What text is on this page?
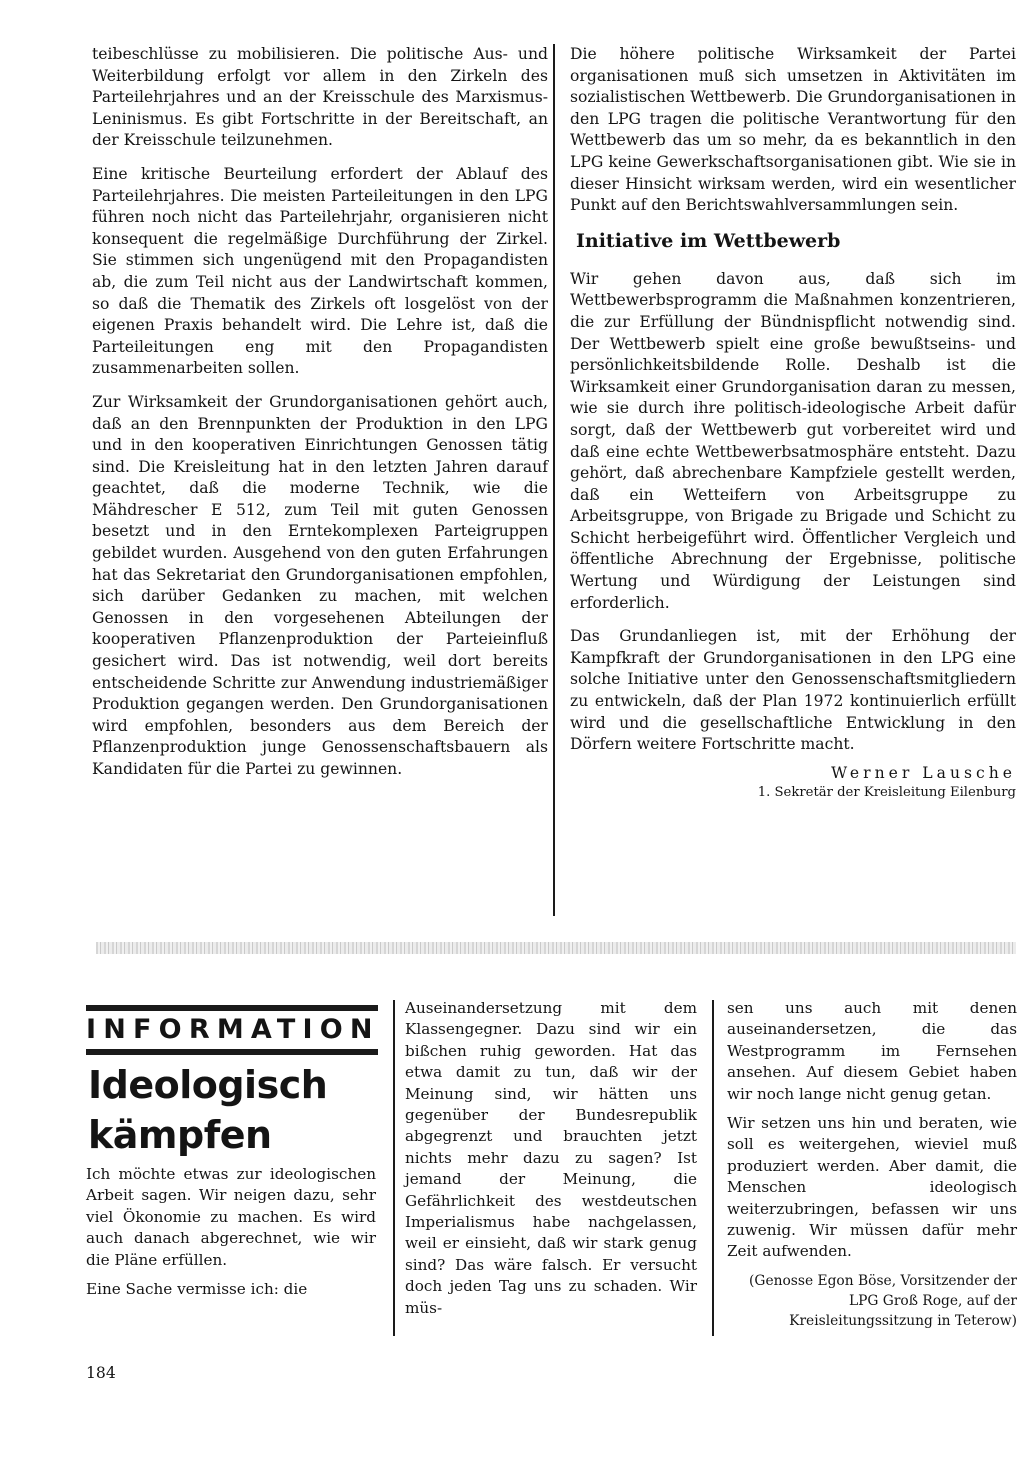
teibeschlüsse zu mobilisieren. Die politische Aus- und Weiterbildung erfolgt vor allem in den Zirkeln des Parteilehrjahres und an der Kreisschule des Marxismus-Leninismus. Es gibt Fortschritte in der Bereitschaft, an der Kreisschule teilzunehmen.

Eine kritische Beurteilung erfordert der Ablauf des Parteilehrjahres. Die meisten Parteileitungen in den LPG führen noch nicht das Parteilehrjahr, organisieren nicht konsequent die regelmäßige Durchführung der Zirkel. Sie stimmen sich ungenügend mit den Propagandisten ab, die zum Teil nicht aus der Landwirtschaft kommen, so daß die Thematik des Zirkels oft losgelöst von der eigenen Praxis behandelt wird. Die Lehre ist, daß die Parteileitungen eng mit den Propagandisten zusammenarbeiten sollen.

Zur Wirksamkeit der Grundorganisationen gehört auch, daß an den Brennpunkten der Produktion in den LPG und in den kooperativen Einrichtungen Genossen tätig sind. Die Kreisleitung hat in den letzten Jahren darauf geachtet, daß die moderne Technik, wie die Mähdrescher E 512, zum Teil mit guten Genossen besetzt und in den Erntekomplexen Parteigruppen gebildet wurden. Ausgehend von den guten Erfahrungen hat das Sekretariat den Grundorganisationen empfohlen, sich darüber Gedanken zu machen, mit welchen Genossen in den vorgesehenen Abteilungen der kooperativen Pflanzenproduktion der Parteieinfluß gesichert wird. Das ist notwendig, weil dort bereits entscheidende Schritte zur Anwendung industriemäßiger Produktion gegangen werden. Den Grundorganisationen wird empfohlen, besonders aus dem Bereich der Pflanzenproduktion junge Genossenschaftsbauern als Kandidaten für die Partei zu gewinnen.

Die höhere politische Wirksamkeit der Partei organisationen muß sich umsetzen in Aktivitäten im sozialistischen Wettbewerb. Die Grundorganisationen in den LPG tragen die politische Verantwortung für den Wettbewerb das um so mehr, da es bekanntlich in den LPG keine Gewerkschaftsorganisationen gibt. Wie sie in dieser Hinsicht wirksam werden, wird ein wesentlicher Punkt auf den Berichtswahlversammlungen sein.

Initiative im Wettbewerb

Wir gehen davon aus, daß sich im Wettbewerbsprogramm die Maßnahmen konzentrieren, die zur Erfüllung der Bündnispflicht notwendig sind. Der Wettbewerb spielt eine große bewußtseins- und persönlichkeitsbildende Rolle. Deshalb ist die Wirksamkeit einer Grundorganisation daran zu messen, wie sie durch ihre politisch-ideologische Arbeit dafür sorgt, daß der Wettbewerb gut vorbereitet wird und daß eine echte Wettbewerbsatmosphäre entsteht. Dazu gehört, daß abrechenbare Kampfziele gestellt werden, daß ein Wetteifern von Arbeitsgruppe zu Arbeitsgruppe, von Brigade zu Brigade und Schicht zu Schicht herbeigeführt wird. Öffentlicher Vergleich und öffentliche Abrechnung der Ergebnisse, politische Wertung und Würdigung der Leistungen sind erforderlich.

Das Grundanliegen ist, mit der Erhöhung der Kampfkraft der Grundorganisationen in den LPG eine solche Initiative unter den Genossenschaftsmitgliedern zu entwickeln, daß der Plan 1972 kontinuierlich erfüllt wird und die gesellschaftliche Entwicklung in den Dörfern weitere Fortschritte macht.

Werner Lausche
1. Sekretär der Kreisleitung Eilenburg
INFORMATION
Ideologisch
kämpfen

Ich möchte etwas zur ideologischen Arbeit sagen. Wir neigen dazu, sehr viel Ökonomie zu machen. Es wird auch danach abgerechnet, wie wir die Pläne erfüllen.

Eine Sache vermisse ich: die

Auseinandersetzung mit dem Klassengegner. Dazu sind wir ein bißchen ruhig geworden. Hat das etwa damit zu tun, daß wir der Meinung sind, wir hätten uns gegenüber der Bundesrepublik abgegrenzt und brauchten jetzt nichts mehr dazu zu sagen? Ist jemand der Meinung, die Gefährlichkeit des westdeutschen Imperialismus habe nachgelassen, weil er einsieht, daß wir stark genug sind? Das wäre falsch. Er versucht doch jeden Tag uns zu schaden. Wir müs-

sen uns auch mit denen auseinandersetzen, die das Westprogramm im Fernsehen ansehen. Auf diesem Gebiet haben wir noch lange nicht genug getan.

Wir setzen uns hin und beraten, wie soll es weitergehen, wieviel muß produziert werden. Aber damit, die Menschen ideologisch weiterzubringen, befassen wir uns zuwenig. Wir müssen dafür mehr Zeit aufwenden.

(Genosse Egon Böse, Vorsitzender der LPG Groß Roge, auf der Kreisleitungssitzung in Teterow)

184
